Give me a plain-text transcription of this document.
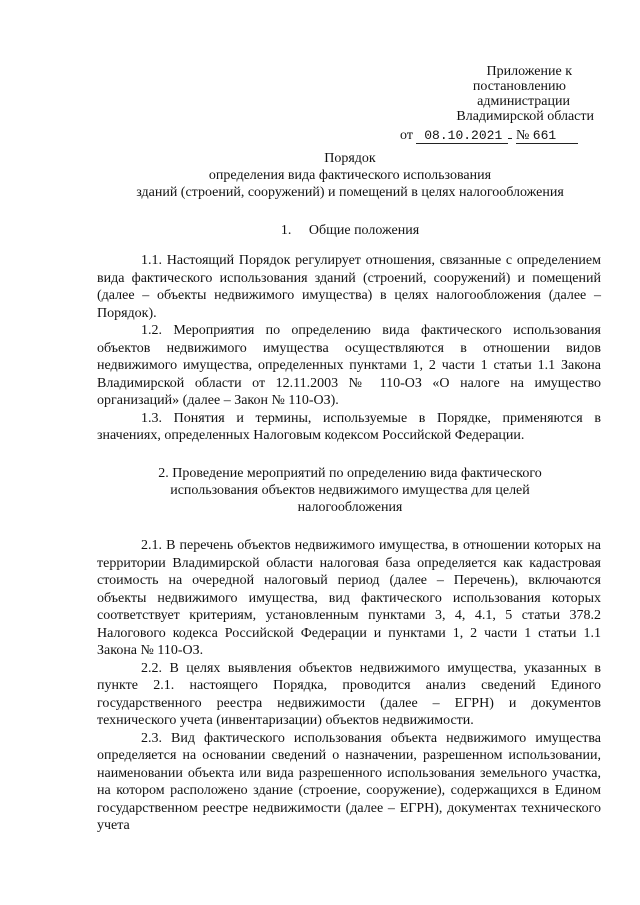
Приложение к
постановлению
администрации
Владимирской области
от 08.10.2021 № 661
Порядок
определения вида фактического использования
зданий (строений, сооружений) и помещений в целях налогообложения
1.     Общие положения

1.1. Настоящий Порядок регулирует отношения, связанные с определением вида фактического использования зданий (строений, сооружений) и помещений (далее – объекты недвижимого имущества) в целях налогообложения (далее – Порядок).

1.2. Мероприятия по определению вида фактического использования объектов недвижимого имущества осуществляются в отношении видов недвижимого имущества, определенных пунктами 1, 2 части 1 статьи 1.1 Закона Владимирской области от 12.11.2003 № 110-ОЗ «О налоге на имущество организаций» (далее – Закон № 110-ОЗ).

1.3. Понятия и термины, используемые в Порядке, применяются в значениях, определенных Налоговым кодексом Российской Федерации.

2. Проведение мероприятий по определению вида фактического
использования объектов недвижимого имущества для целей
налогообложения

2.1. В перечень объектов недвижимого имущества, в отношении которых на территории Владимирской области налоговая база определяется как кадастровая стоимость на очередной налоговый период (далее – Перечень), включаются объекты недвижимого имущества, вид фактического использования которых соответствует критериям, установленным пунктами 3, 4, 4.1, 5 статьи 378.2 Налогового кодекса Российской Федерации и пунктами 1, 2 части 1 статьи 1.1 Закона № 110-ОЗ.

2.2. В целях выявления объектов недвижимого имущества, указанных в пункте 2.1. настоящего Порядка, проводится анализ сведений Единого государственного реестра недвижимости (далее – ЕГРН) и документов технического учета (инвентаризации) объектов недвижимости.

2.3. Вид фактического использования объекта недвижимого имущества определяется на основании сведений о назначении, разрешенном использовании, наименовании объекта или вида разрешенного использования земельного участка, на котором расположено здание (строение, сооружение), содержащихся в Едином государственном реестре недвижимости (далее – ЕГРН), документах технического учета
